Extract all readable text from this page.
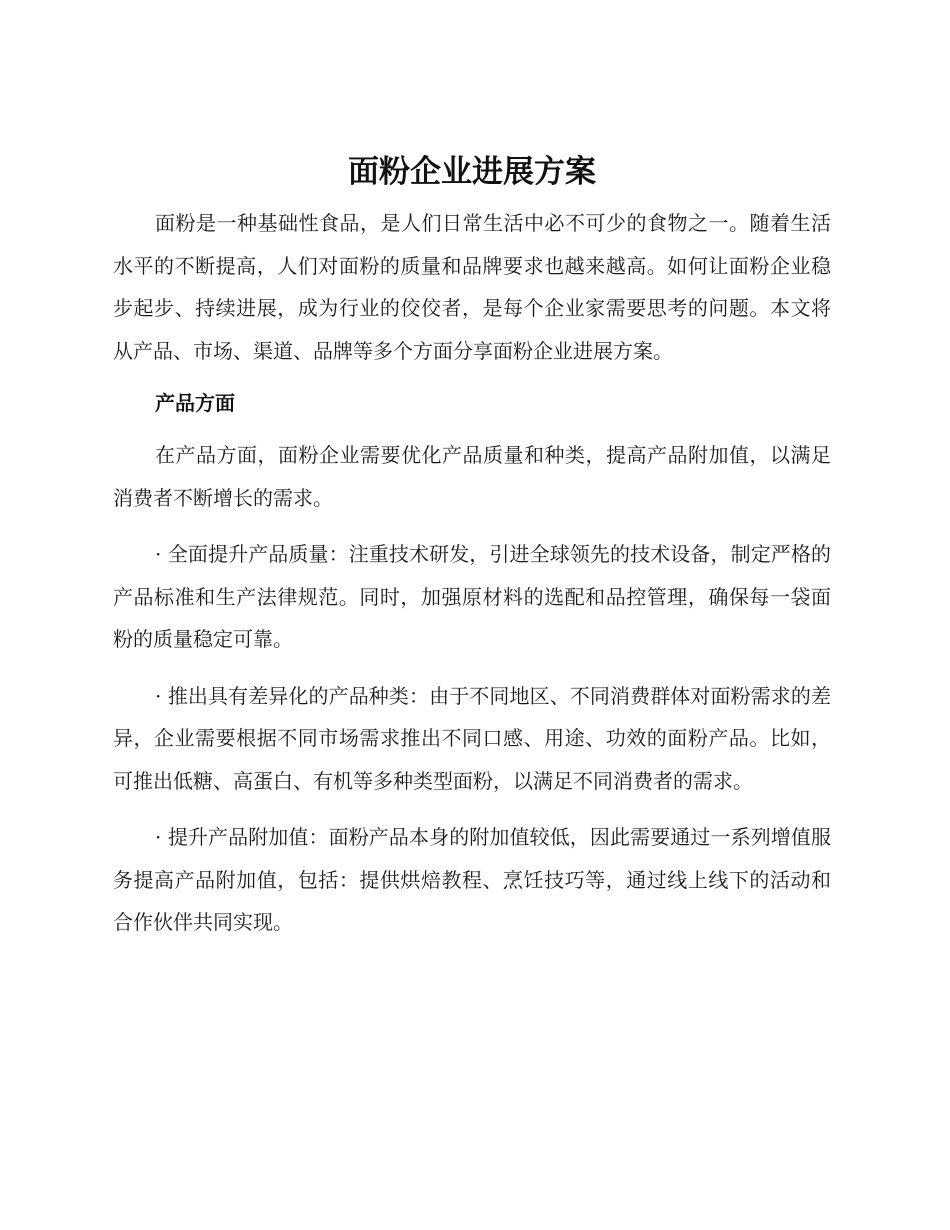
面粉企业进展方案

面粉是一种基础性食品，是人们日常生活中必不可少的食物之一。随着生活水平的不断提高，人们对面粉的质量和品牌要求也越来越高。如何让面粉企业稳步起步、持续进展，成为行业的佼佼者，是每个企业家需要思考的问题。本文将从产品、市场、渠道、品牌等多个方面分享面粉企业进展方案。

产品方面

在产品方面，面粉企业需要优化产品质量和种类，提高产品附加值，以满足消费者不断增长的需求。

· 全面提升产品质量：注重技术研发，引进全球领先的技术设备，制定严格的产品标准和生产法律规范。同时，加强原材料的选配和品控管理，确保每一袋面粉的质量稳定可靠。

· 推出具有差异化的产品种类：由于不同地区、不同消费群体对面粉需求的差异，企业需要根据不同市场需求推出不同口感、用途、功效的面粉产品。比如，可推出低糖、高蛋白、有机等多种类型面粉，以满足不同消费者的需求。

· 提升产品附加值：面粉产品本身的附加值较低，因此需要通过一系列增值服务提高产品附加值，包括：提供烘焙教程、烹饪技巧等，通过线上线下的活动和合作伙伴共同实现。
